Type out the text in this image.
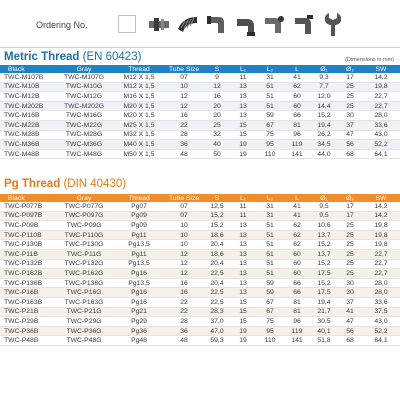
Ordering No.
Metric Thread (EN 60423)	(Dimensions in mm)
Black	Gray	Thread	Tube Size	S	L₁	L₂	L	Ø₁	Ø₂	SW
TWC-M107B	TWC-M107G	M12 X 1,5	07	9	11	31	41	9,3	17	14,2
TWC-M10B	TWC-M10G	M12 X 1,5	10	12	13	51	62	7,7	25	19,8
TWC-M12B	TWC-M12G	M16 X 1,5	12	16	13	51	60	12,0	25	22,7
TWC-M202B	TWC-M202G	M20 X 1,5	12	20	13	51	60	14,4	25	22,7
TWC-M16B	TWC-M16G	M20 X 1,5	16	20	13	59	66	15,2	30	28,0
TWC-M22B	TWC-M22G	M25 X 1,5	22	25	15	67	81	19,4	37	33,6
TWC-M28B	TWC-M28G	M32 X 1,5	28	32	15	75	96	26,2	47	43,0
TWC-M36B	TWC-M36G	M40 X 1,5	36	40	19	95	119	34,5	56	52,2
TWC-M48B	TWC-M48G	M50 X 1,5	48	50	19	110	141	44,0	68	64,1
Pg Thread (DIN 40430)
Black	Gray	Thread	Tube Size	S	L₁	L₂	L	Ø₁	Ø₂	SW
TWC-P077B	TWC-P077G	Pg07	07	12,5	11	31	41	9,5	17	14,2
TWC-P097B	TWC-P097G	Pg09	07	15,2	11	31	41	9,5	17	14,2
TWC-P09B	TWC-P09G	Pg09	10	15,2	13	51	62	10,6	25	19,8
TWC-P110B	TWC-P110G	Pg11	10	18,6	13	51	62	13,7	25	19,8
TWC-P130B	TWC-P130G	Pg13,5	10	20,4	13	51	62	15,2	25	19,8
TWC-P11B	TWC-P11G	Pg11	12	18,6	13	51	60	13,7	25	22,7
TWC-P132B	TWC-P132G	Pg13,5	12	20,4	13	51	60	15,2	25	22,7
TWC-P162B	TWC-P162G	Pg16	12	22,5	13	51	60	17,5	25	22,7
TWC-P136B	TWC-P136G	Pg13,5	16	20,4	13	59	66	15,2	30	28,0
TWC-P16B	TWC-P16G	Pg16	16	22,5	13	59	66	17,5	30	28,0
TWC-P163B	TWC-P163G	Pg16	22	22,5	15	67	81	19,4	37	33,6
TWC-P21B	TWC-P21G	Pg21	22	28,3	15	67	81	21,7	41	37,5
TWC-P29B	TWC-P29G	Pg29	28	37,0	15	75	96	30,5	47	43,0
TWC-P36B	TWC-P36G	Pg36	36	47,0	19	95	119	40,1	56	52,2
TWC-P48B	TWC-P48G	Pg48	48	59,3	19	110	141	51,8	68	64,1
